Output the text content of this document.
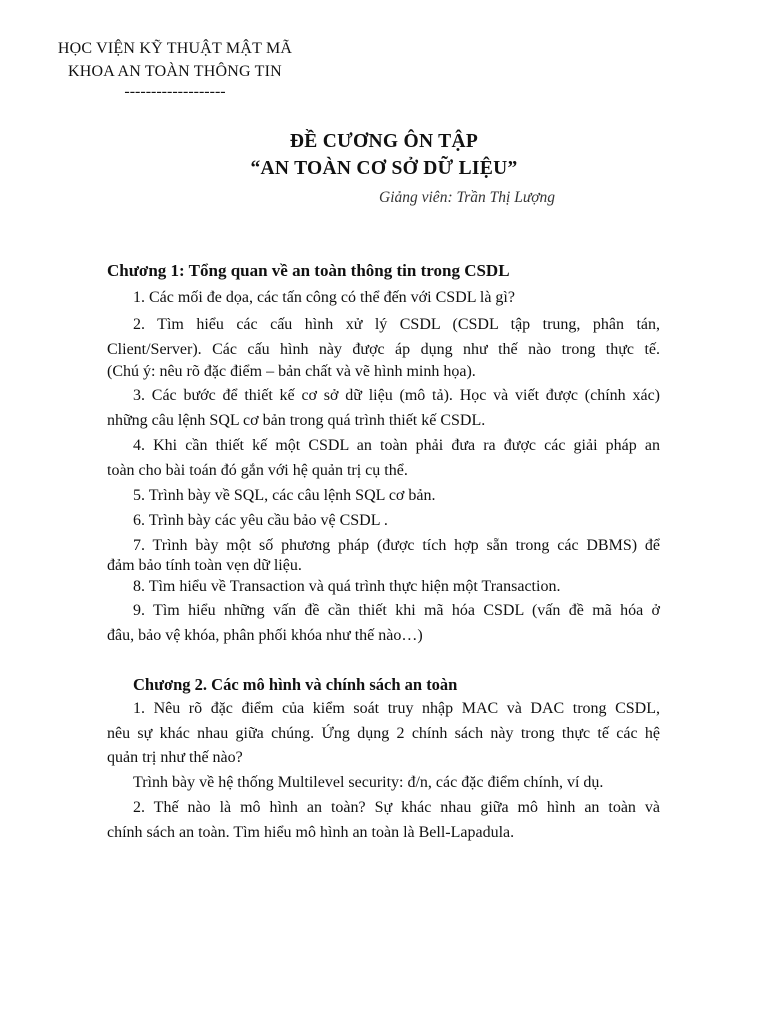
HỌC VIỆN KỸ THUẬT MẬT MÃ
KHOA AN TOÀN THÔNG TIN
-------------------
ĐỀ CƯƠNG ÔN TẬP
“AN TOÀN CƠ SỞ DỮ LIỆU”
Giảng viên: Trần Thị Lượng
Chương 1: Tổng quan về an toàn thông tin trong CSDL
1. Các mối đe dọa, các tấn công có thể đến với CSDL là gì?
2. Tìm hiểu các cấu hình xử lý CSDL (CSDL tập trung, phân tán,
Client/Server). Các cấu hình này được áp dụng như thế nào trong thực tế.
(Chú ý: nêu rõ đặc điểm – bản chất và vẽ hình minh họa).
3. Các bước để thiết kế cơ sở dữ liệu (mô tả). Học và viết được (chính xác)
những câu lệnh SQL cơ bản trong quá trình thiết kế CSDL.
4. Khi cần thiết kế một CSDL an toàn phải đưa ra được các giải pháp an
toàn cho bài toán đó gắn với hệ quản trị cụ thể.
5. Trình bày về SQL, các câu lệnh SQL cơ bản.
6. Trình bày các yêu cầu bảo vệ CSDL .
7. Trình bày một số phương pháp (được tích hợp sẵn trong các DBMS) để
đảm bảo tính toàn vẹn dữ liệu.
8. Tìm hiểu về Transaction và quá trình thực hiện một Transaction.
9. Tìm hiểu những vấn đề cần thiết khi mã hóa CSDL (vấn đề mã hóa ở
đâu, bảo vệ khóa, phân phối khóa như thế nào…)
Chương 2. Các mô hình và chính sách an toàn
1. Nêu rõ đặc điểm của kiểm soát truy nhập MAC và DAC trong CSDL,
nêu sự khác nhau giữa chúng. Ứng dụng 2 chính sách này trong thực tế các hệ
quản trị như thế nào?
Trình bày về hệ thống Multilevel security: đ/n, các đặc điểm chính, ví dụ.
2. Thế nào là mô hình an toàn? Sự khác nhau giữa mô hình an toàn và
chính sách an toàn. Tìm hiểu mô hình an toàn là Bell-Lapadula.
